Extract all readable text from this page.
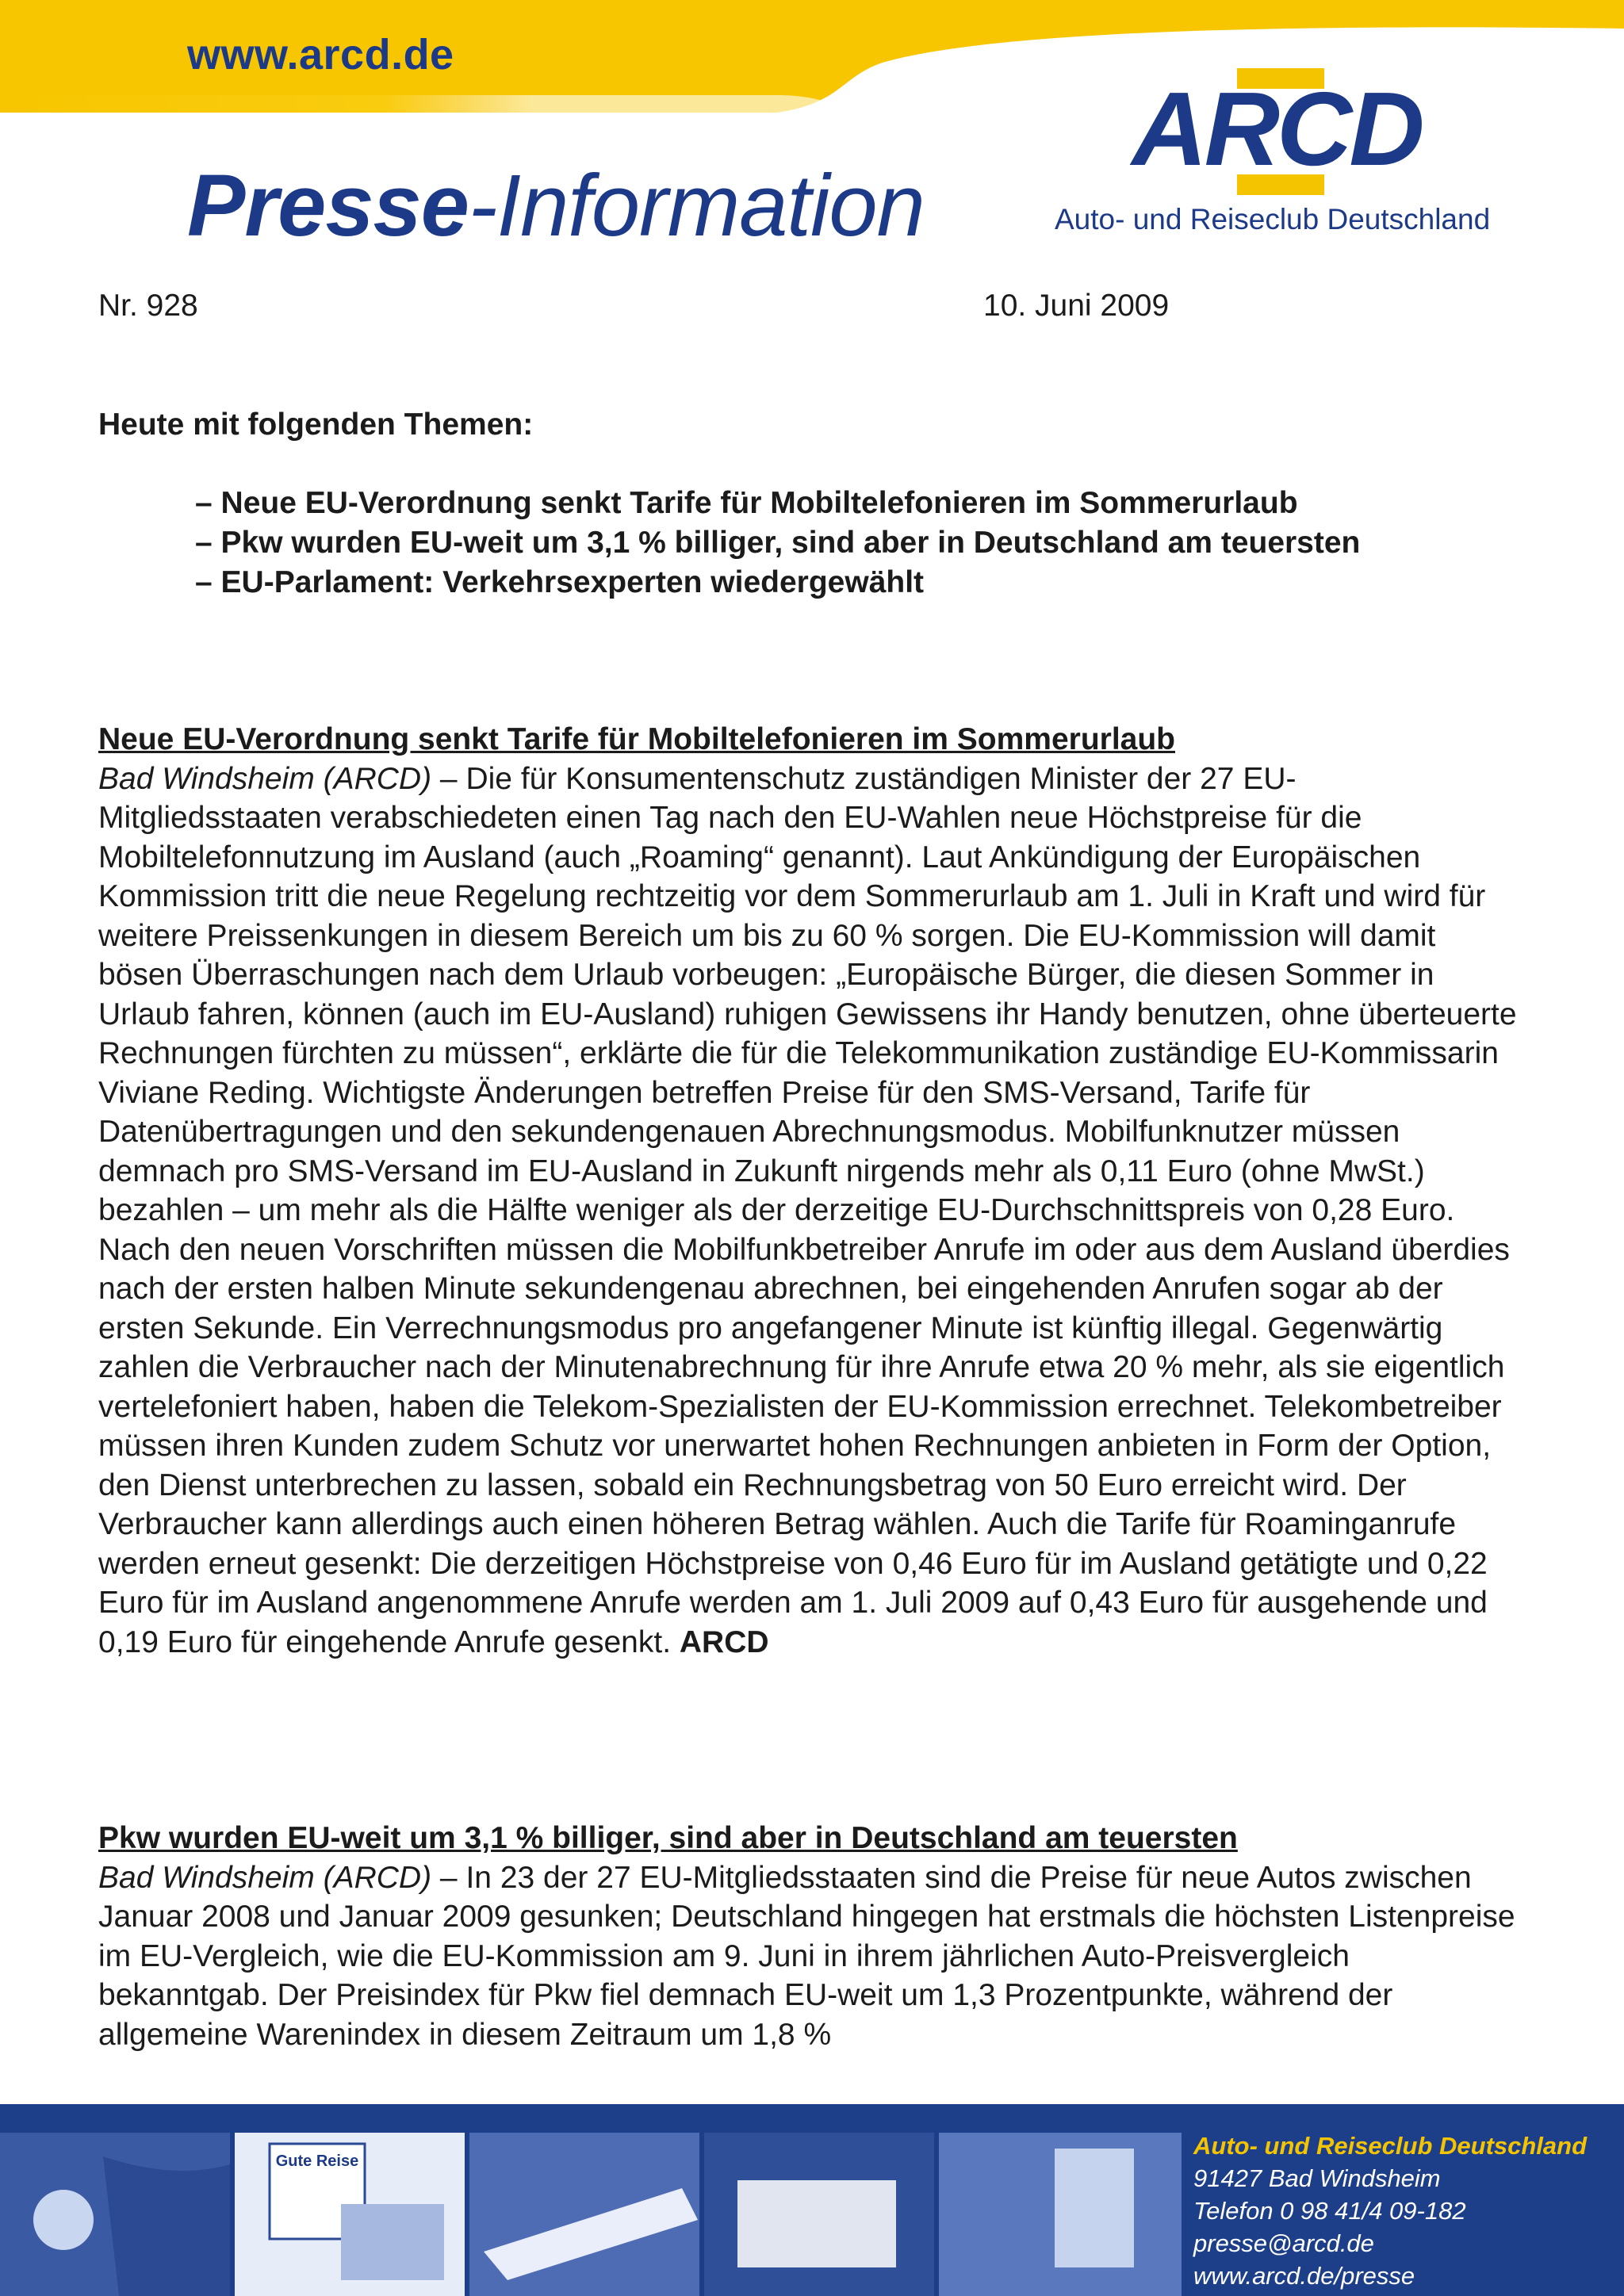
www.arcd.de
Presse-Information
ARCD
Auto- und Reiseclub Deutschland
Nr. 928	10. Juni 2009
Heute mit folgenden Themen:
– Neue EU-Verordnung senkt Tarife für Mobiltelefonieren im Sommerurlaub
– Pkw wurden EU-weit um 3,1 % billiger, sind aber in Deutschland am teuersten
– EU-Parlament: Verkehrsexperten wiedergewählt
Neue EU-Verordnung senkt Tarife für Mobiltelefonieren im Sommerurlaub

Bad Windsheim (ARCD) – Die für Konsumentenschutz zuständigen Minister der 27 EU-Mitgliedsstaaten verabschiedeten einen Tag nach den EU-Wahlen neue Höchstpreise für die Mobiltelefonnutzung im Ausland (auch „Roaming“ genannt). Laut Ankündigung der Europäischen Kommission tritt die neue Regelung rechtzeitig vor dem Sommerurlaub am 1. Juli in Kraft und wird für weitere Preissenkungen in diesem Bereich um bis zu 60 % sorgen. Die EU-Kommission will damit bösen Überraschungen nach dem Urlaub vorbeugen: „Europäische Bürger, die diesen Sommer in Urlaub fahren, können (auch im EU-Ausland) ruhigen Gewissens ihr Handy benutzen, ohne überteuerte Rechnungen fürchten zu müssen“, erklärte die für die Telekommunikation zuständige EU-Kommissarin Viviane Reding. Wichtigste Änderungen betreffen Preise für den SMS-Versand, Tarife für Datenübertragungen und den sekundengenauen Abrechnungsmodus. Mobilfunknutzer müssen demnach pro SMS-Versand im EU-Ausland in Zukunft nirgends mehr als 0,11 Euro (ohne MwSt.) bezahlen – um mehr als die Hälfte weniger als der derzeitige EU-Durchschnittspreis von 0,28 Euro. Nach den neuen Vorschriften müssen die Mobilfunkbetreiber Anrufe im oder aus dem Ausland überdies nach der ersten halben Minute sekundengenau abrechnen, bei eingehenden Anrufen sogar ab der ersten Sekunde. Ein Verrechnungsmodus pro angefangener Minute ist künftig illegal. Gegenwärtig zahlen die Verbraucher nach der Minutenabrechnung für ihre Anrufe etwa 20 % mehr, als sie eigentlich vertelefoniert haben, haben die Telekom-Spezialisten der EU-Kommission errechnet. Telekombetreiber müssen ihren Kunden zudem Schutz vor unerwartet hohen Rechnungen anbieten in Form der Option, den Dienst unterbrechen zu lassen, sobald ein Rechnungsbetrag von 50 Euro erreicht wird. Der Verbraucher kann allerdings auch einen höheren Betrag wählen. Auch die Tarife für Roaminganrufe werden erneut gesenkt: Die derzeitigen Höchstpreise von 0,46 Euro für im Ausland getätigte und 0,22 Euro für im Ausland angenommene Anrufe werden am 1. Juli 2009 auf 0,43 Euro für ausgehende und 0,19 Euro für eingehende Anrufe gesenkt. ARCD

Pkw wurden EU-weit um 3,1 % billiger, sind aber in Deutschland am teuersten

Bad Windsheim (ARCD) – In 23 der 27 EU-Mitgliedsstaaten sind die Preise für neue Autos zwischen Januar 2008 und Januar 2009 gesunken; Deutschland hingegen hat erstmals die höchsten Listenpreise im EU-Vergleich, wie die EU-Kommission am 9. Juni in ihrem jährlichen Auto-Preisvergleich bekanntgab. Der Preisindex für Pkw fiel demnach EU-weit um 1,3 Prozentpunkte, während der allgemeine Warenindex in diesem Zeitraum um 1,8 %

Gute Reise
Auto- und Reiseclub Deutschland
91427 Bad Windsheim
Telefon 0 98 41/4 09-182
presse@arcd.de
www.arcd.de/presse
